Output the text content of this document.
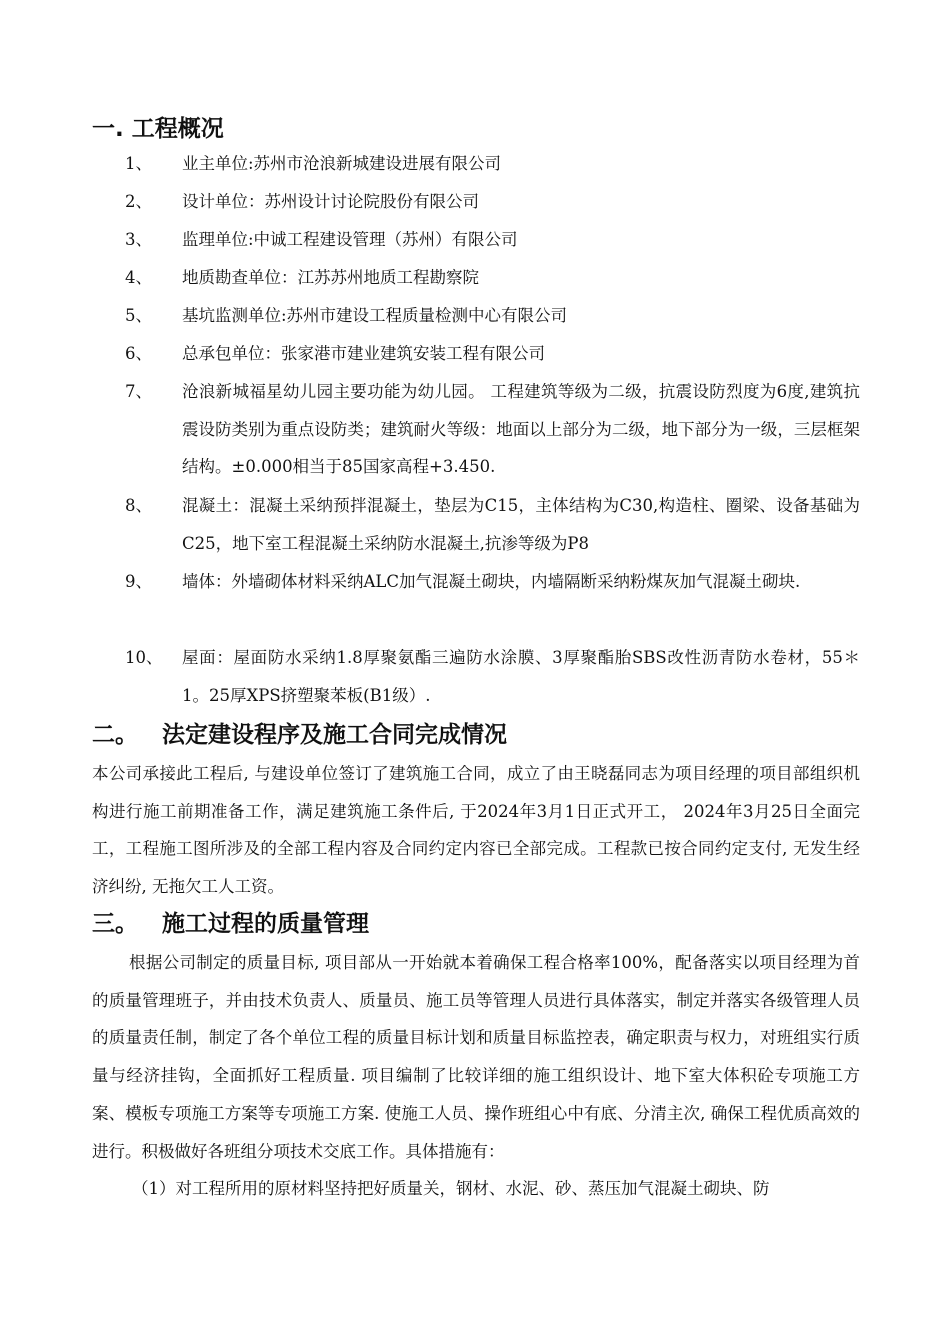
一. 工程概况
1、 业主单位:苏州市沧浪新城建设进展有限公司
2、 设计单位：苏州设计讨论院股份有限公司
3、 监理单位:中诚工程建设管理（苏州）有限公司
4、 地质勘查单位：江苏苏州地质工程勘察院
5、 基坑监测单位:苏州市建设工程质量检测中心有限公司
6、 总承包单位：张家港市建业建筑安装工程有限公司
7、 沧浪新城福星幼儿园主要功能为幼儿园。 工程建筑等级为二级，抗震设防烈度为6度,建筑抗震设防类别为重点设防类；建筑耐火等级：地面以上部分为二级，地下部分为一级，三层框架结构。±0.000相当于85国家高程+3.450.
8、 混凝土：混凝土采纳预拌混凝土，垫层为C15，主体结构为C30,构造柱、圈梁、设备基础为C25，地下室工程混凝土采纳防水混凝土,抗渗等级为P8
9、 墙体：外墙砌体材料采纳ALC加气混凝土砌块，内墙隔断采纳粉煤灰加气混凝土砌块.
10、 屋面：屋面防水采纳1.8厚聚氨酯三遍防水涂膜、3厚聚酯胎SBS改性沥青防水卷材，55＊1。25厚XPS挤塑聚苯板(B1级）.
二。 法定建设程序及施工合同完成情况
本公司承接此工程后, 与建设单位签订了建筑施工合同，成立了由王晓磊同志为项目经理的项目部组织机构进行施工前期准备工作，满足建筑施工条件后, 于2024年3月1日正式开工， 2024年3月25日全面完工，工程施工图所涉及的全部工程内容及合同约定内容已全部完成。工程款已按合同约定支付, 无发生经济纠纷, 无拖欠工人工资。
三。 施工过程的质量管理
根据公司制定的质量目标, 项目部从一开始就本着确保工程合格率100%，配备落实以项目经理为首的质量管理班子，并由技术负责人、质量员、施工员等管理人员进行具体落实，制定并落实各级管理人员的质量责任制，制定了各个单位工程的质量目标计划和质量目标监控表，确定职责与权力，对班组实行质量与经济挂钩，全面抓好工程质量. 项目编制了比较详细的施工组织设计、地下室大体积砼专项施工方案、模板专项施工方案等专项施工方案. 使施工人员、操作班组心中有底、分清主次, 确保工程优质高效的进行。积极做好各班组分项技术交底工作。具体措施有：
（1）对工程所用的原材料坚持把好质量关，钢材、水泥、砂、蒸压加气混凝土砌块、防
